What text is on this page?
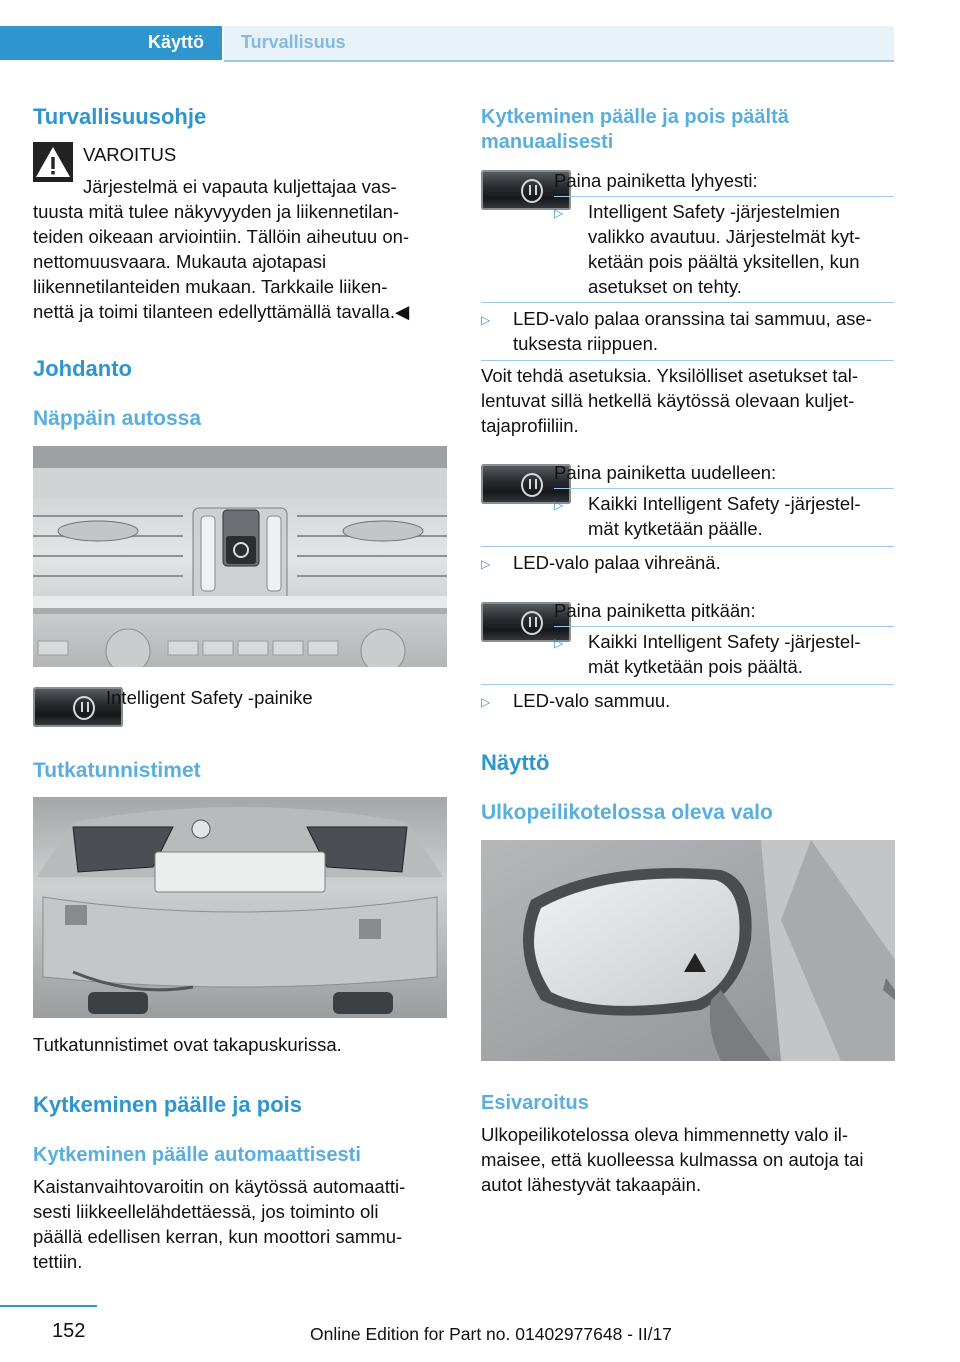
Käyttö Turvallisuus
Turvallisuusohje
VAROITUS
Järjestelmä ei vapauta kuljettajaa vas-
tuusta mitä tulee näkyvyyden ja liikennetilan-
teiden oikeaan arviointiin. Tällöin aiheutuu on-
nettomuusvaara. Mukauta ajotapasi
liikennetilanteiden mukaan. Tarkkaile liiken-
nettä ja toimi tilanteen edellyttämällä tavalla.◀
Johdanto
Näppäin autossa
Intelligent Safety -painike
Tutkatunnistimet
Tutkatunnistimet ovat takapuskurissa.
Kytkeminen päälle ja pois
Kytkeminen päälle automaattisesti
Kaistanvaihtovaroitin on käytössä automaatti-
sesti liikkeellelähdettäessä, jos toiminto oli
päällä edellisen kerran, kun moottori sammu-
tettiin.
Kytkeminen päälle ja pois päältä
manuaalisesti
Paina painiketta lyhyesti:
▷ Intelligent Safety -järjestelmien
valikko avautuu. Järjestelmät kyt-
ketään pois päältä yksitellen, kun
asetukset on tehty.
▷ LED-valo palaa oranssina tai sammuu, ase-
tuksesta riippuen.
Voit tehdä asetuksia. Yksilölliset asetukset tal-
lentuvat sillä hetkellä käytössä olevaan kuljet-
tajaprofiiliin.
Paina painiketta uudelleen:
▷ Kaikki Intelligent Safety -järjestel-
mät kytketään päälle.
▷ LED-valo palaa vihreänä.
Paina painiketta pitkään:
▷ Kaikki Intelligent Safety -järjestel-
mät kytketään pois päältä.
▷ LED-valo sammuu.
Näyttö
Ulkopeilikotelossa oleva valo
Esivaroitus
Ulkopeilikotelossa oleva himmennetty valo il-
maisee, että kuolleessa kulmassa on autoja tai
autot lähestyvät takaapäin.
152	Online Edition for Part no. 01402977648 - II/17
